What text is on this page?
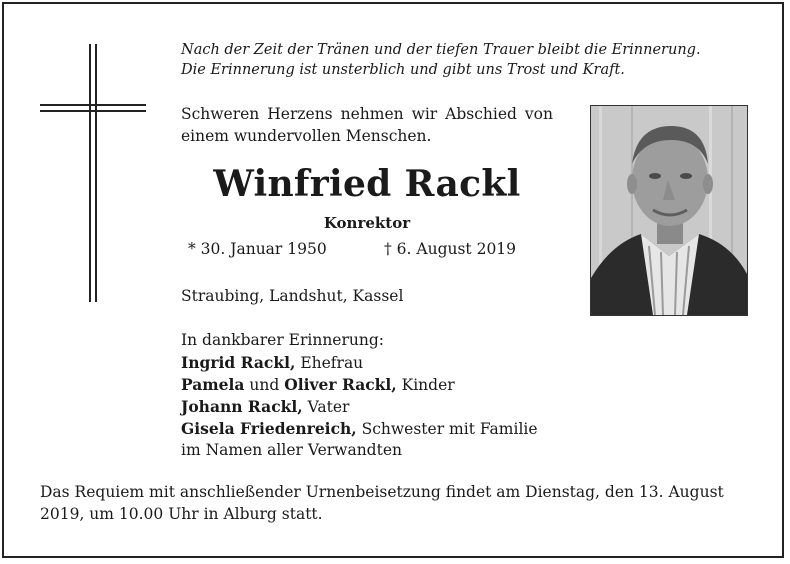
Nach der Zeit der Tränen und der tiefen Trauer bleibt die Erinnerung.
Die Erinnerung ist unsterblich und gibt uns Trost und Kraft.
Schweren Herzens nehmen wir Abschied von einem wundervollen Menschen.
Winfried Rackl
Konrektor
* 30. Januar 1950	† 6. August 2019
Straubing, Landshut, Kassel
In dankbarer Erinnerung:
Ingrid Rackl, Ehefrau
Pamela und Oliver Rackl, Kinder
Johann Rackl, Vater
Gisela Friedenreich, Schwester mit Familie
im Namen aller Verwandten
Das Requiem mit anschließender Urnenbeisetzung findet am Dienstag, den 13. August 2019, um 10.00 Uhr in Alburg statt.
